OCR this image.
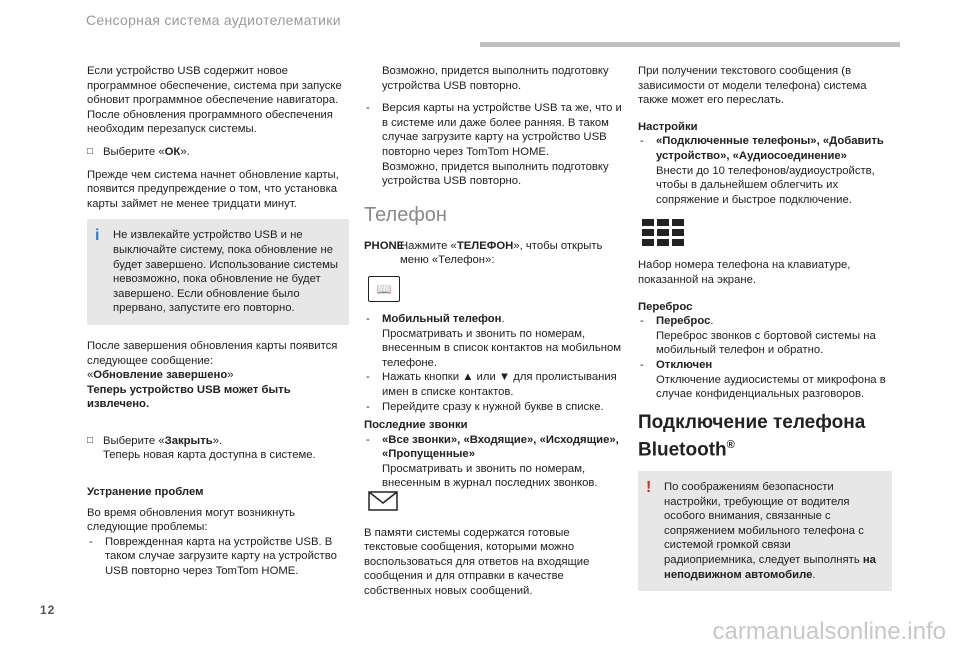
Сенсорная система аудиотелематики

Если устройство USB содержит новое программное обеспечение, система при запуске обновит программное обеспечение навигатора. После обновления программного обеспечения необходим перезапуск системы.

□ Выберите «ОК».

Прежде чем система начнет обновление карты, появится предупреждение о том, что установка карты займет не менее тридцати минут.

i Не извлекайте устройство USB и не выключайте систему, пока обновление не будет завершено. Использование системы невозможно, пока обновление не будет завершено. Если обновление было прервано, запустите его повторно.

После завершения обновления карты появится следующее сообщение:

«Обновление завершено»

Теперь устройство USB может быть извлечено.

□ Выберите «Закрыть».
Теперь новая карта доступна в системе.

Устранение проблем

Во время обновления могут возникнуть следующие проблемы:

- Поврежденная карта на устройстве USB. В таком случае загрузите карту на устройство USB повторно через TomTom HOME.

Возможно, придется выполнить подготовку устройства USB повторно.

- Версия карты на устройстве USB та же, что и в системе или даже более ранняя. В таком случае загрузите карту на устройство USB повторно через TomTom HOME.
Возможно, придется выполнить подготовку устройства USB повторно.

Телефон
PHONE
Нажмите «ТЕЛЕФОН», чтобы открыть меню «Телефон»:
📖

- Мобильный телефон.
Просматривать и звонить по номерам, внесенным в список контактов на мобильном телефоне.

- Нажать кнопки ▲ или ▼ для пролистывания имен в списке контактов.

- Перейдите сразу к нужной букве в списке.

Последние звонки

- «Все звонки», «Входящие», «Исходящие», «Пропущенные»
Просматривать и звонить по номерам, внесенным в журнал последних звонков.

В памяти системы содержатся готовые текстовые сообщения, которыми можно воспользоваться для ответов на входящие сообщения и для отправки в качестве собственных новых сообщений.

При получении текстового сообщения (в зависимости от модели телефона) система также может его переслать.

Настройки

- «Подключенные телефоны», «Добавить устройство», «Аудиосоединение»
Внести до 10 телефонов/аудиоустройств, чтобы в дальнейшем облегчить их сопряжение и быстрое подключение.

Набор номера телефона на клавиатуре, показанной на экране.

Переброс

- Переброс.
Переброс звонков с бортовой системы на мобильный телефон и обратно.

- Отключен
Отключение аудиосистемы от микрофона в случае конфиденциальных разговоров.

Подключение телефона Bluetooth®
! По соображениям безопасности настройки, требующие от водителя особого внимания, связанные с сопряжением мобильного телефона с системой громкой связи радиоприемника, следует выполнять на неподвижном автомобиле.
12
carmanualsonline.info
